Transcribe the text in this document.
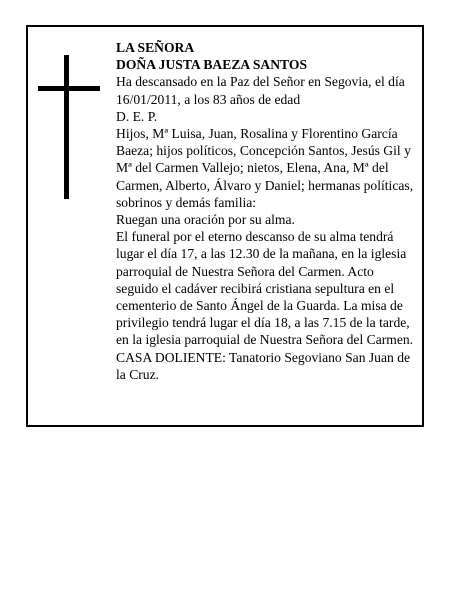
LA SEÑORA

DOÑA JUSTA BAEZA SANTOS

Ha descansado en la Paz del Señor en Segovia, el día 16/01/2011, a los 83 años de edad

D. E. P.

Hijos, Mª Luisa, Juan, Rosalina y Florentino García Baeza; hijos políticos, Concepción Santos, Jesús Gil y Mª del Carmen Vallejo; nietos, Elena, Ana, Mª del Carmen, Alberto, Álvaro y Daniel; hermanas políticas, sobrinos y demás familia:

Ruegan una oración por su alma.

El funeral por el eterno descanso de su alma tendrá lugar el día 17, a las 12.30 de la mañana, en la iglesia parroquial de Nuestra Señora del Carmen. Acto seguido el cadáver recibirá cristiana sepultura en el cementerio de Santo Ángel de la Guarda. La misa de privilegio tendrá lugar el día 18, a las 7.15 de la tarde, en la iglesia parroquial de Nuestra Señora del Carmen.

CASA DOLIENTE: Tanatorio Segoviano San Juan de la Cruz.
